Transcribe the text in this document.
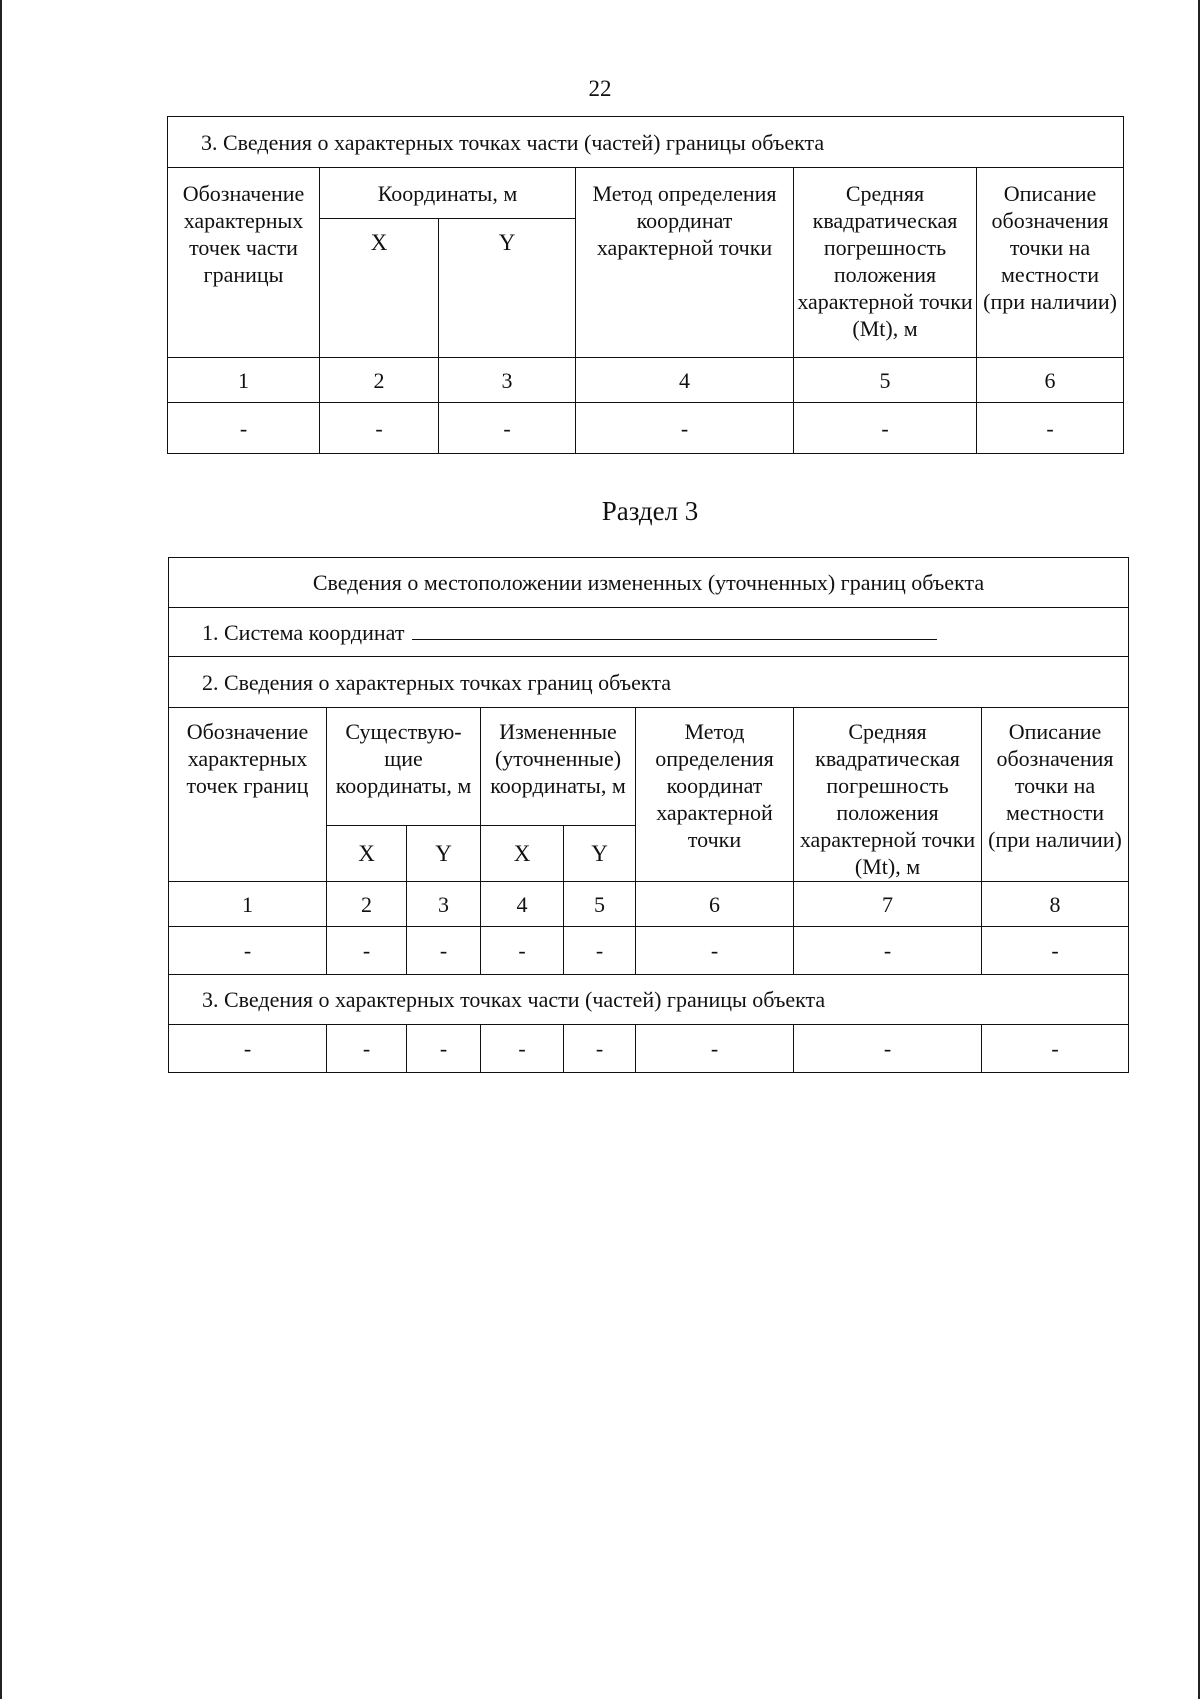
22
3. Сведения о характерных точках части (частей) границы объекта					
Обозначение характерных точек части границы	Координаты, м		Метод определения координат характерной точки	Средняя квадратическая погрешность положения характерной точки (Mt), м	Описание обозначения точки на местности (при наличии)
	X	Y			
1	2	3	4	5	6
-	-	-	-	-	-
Раздел 3
Сведения о местоположении измененных (уточненных) границ объекта							
1. Система координат							
2. Сведения о характерных точках границ объекта							
Обозначение характерных точек границ	Существую-щие координаты, м		Измененные (уточненные) координаты, м		Метод определения координат характерной точки	Средняя квадратическая погрешность положения характерной точки (Mt), м	Описание обозначения точки на местности (при наличии)
	X	Y	X	Y			
1	2	3	4	5	6	7	8
-	-	-	-	-	-	-	-
3. Сведения о характерных точках части (частей) границы объекта							
-	-	-	-	-	-	-	-
